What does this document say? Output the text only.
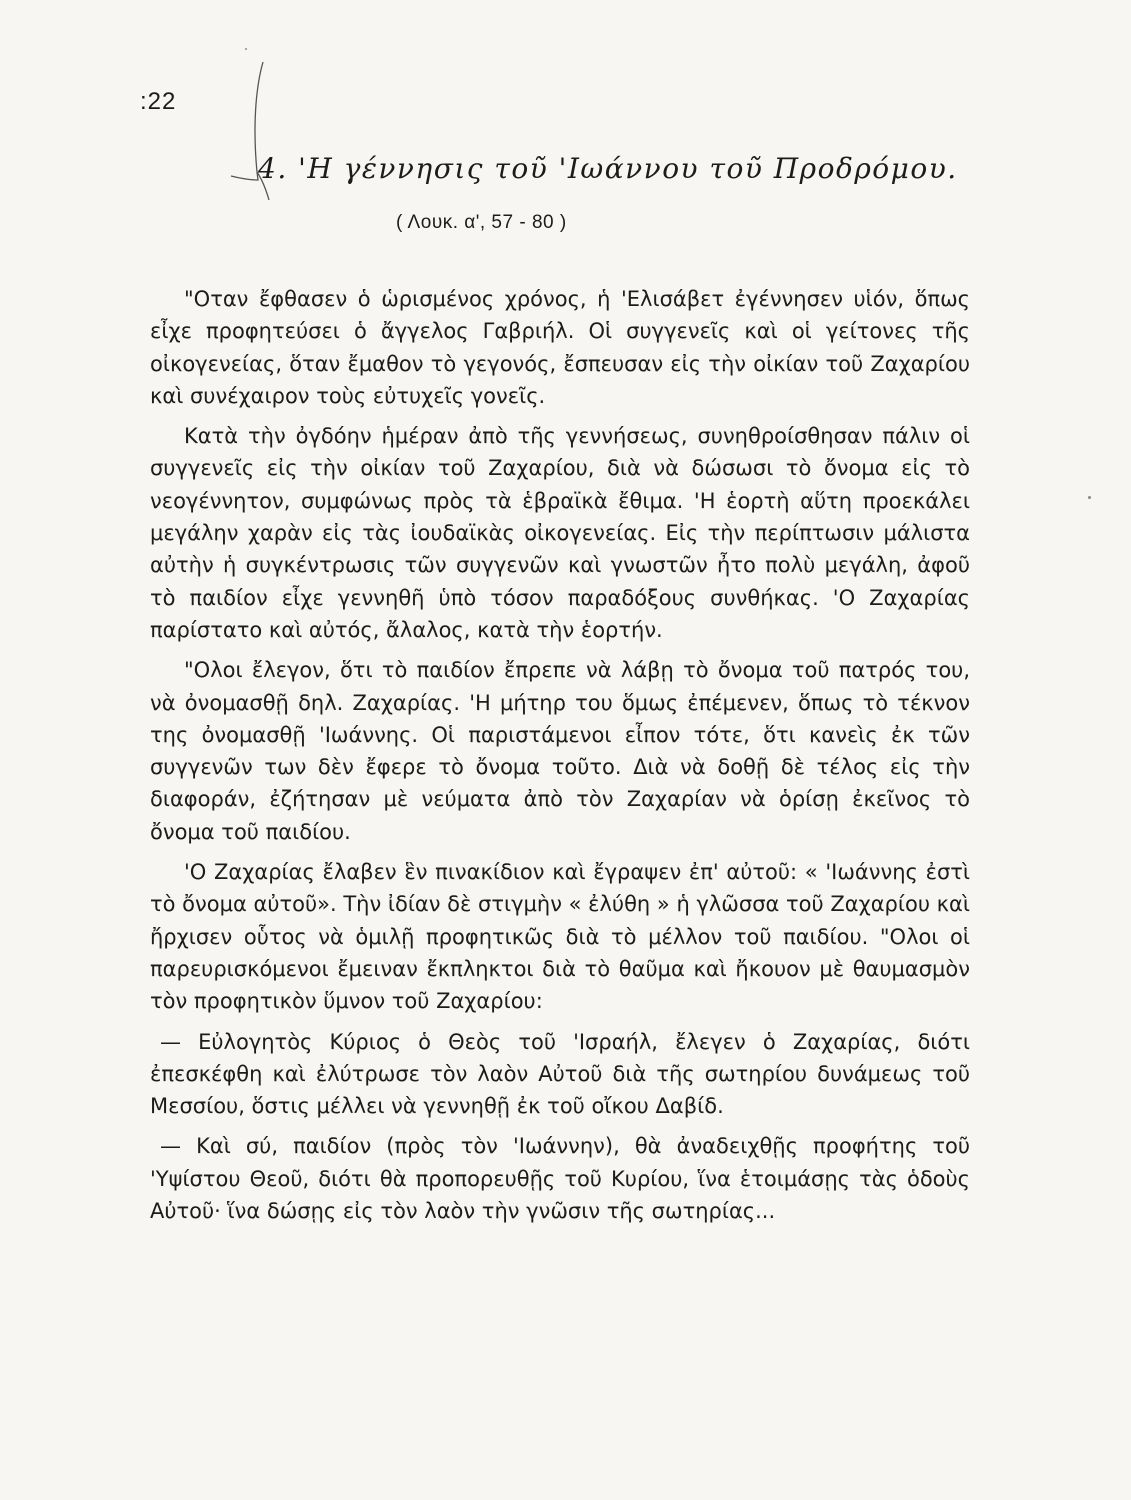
:22
4. 'Η γέννησις τοῦ 'Ιωάννου τοῦ Προδρόμου.
( Λουκ. α', 57 - 80 )

"Οταν ἔφθασεν ὁ ὡρισμένος χρόνος, ἡ 'Ελισάβετ ἐγέννησεν υἱόν, ὅπως εἶχε προφητεύσει ὁ ἄγγελος Γαβριήλ. Οἱ συγγενεῖς καὶ οἱ γείτονες τῆς οἰκογενείας, ὅταν ἔμαθον τὸ γεγονός, ἔσπευσαν εἰς τὴν οἰκίαν τοῦ Ζαχαρίου καὶ συνέχαιρον τοὺς εὐτυχεῖς γονεῖς.

Κατὰ τὴν ὀγδόην ἡμέραν ἀπὸ τῆς γεννήσεως, συνηθροίσθησαν πάλιν οἱ συγγενεῖς εἰς τὴν οἰκίαν τοῦ Ζαχαρίου, διὰ νὰ δώσωσι τὸ ὄνομα εἰς τὸ νεογέννητον, συμφώνως πρὸς τὰ ἑβραϊκὰ ἔθιμα. 'Η ἑορτὴ αὕτη προεκάλει μεγάλην χαρὰν εἰς τὰς ἰουδαϊκὰς οἰκογενείας. Εἰς τὴν περίπτωσιν μάλιστα αὐτὴν ἡ συγκέντρωσις τῶν συγγενῶν καὶ γνωστῶν ἦτο πολὺ μεγάλη, ἀφοῦ τὸ παιδίον εἶχε γεννηθῆ ὑπὸ τόσον παραδόξους συνθήκας. 'Ο Ζαχαρίας παρίστατο καὶ αὐτός, ἄλαλος, κατὰ τὴν ἑορτήν.

"Ολοι ἔλεγον, ὅτι τὸ παιδίον ἔπρεπε νὰ λάβῃ τὸ ὄνομα τοῦ πατρός του, νὰ ὀνομασθῇ δηλ. Ζαχαρίας. 'Η μήτηρ του ὅμως ἐπέμενεν, ὅπως τὸ τέκνον της ὀνομασθῇ 'Ιωάννης. Οἱ παριστάμενοι εἶπον τότε, ὅτι κανεὶς ἐκ τῶν συγγενῶν των δὲν ἔφερε τὸ ὄνομα τοῦτο. Διὰ νὰ δοθῇ δὲ τέλος εἰς τὴν διαφοράν, ἐζήτησαν μὲ νεύματα ἀπὸ τὸν Ζαχαρίαν νὰ ὁρίσῃ ἐκεῖνος τὸ ὄνομα τοῦ παιδίου.

'Ο Ζαχαρίας ἔλαβεν ἓν πινακίδιον καὶ ἔγραψεν ἐπ' αὐτοῦ: « 'Ιωάννης ἐστὶ τὸ ὄνομα αὐτοῦ». Τὴν ἰδίαν δὲ στιγμὴν « ἐλύθη » ἡ γλῶσσα τοῦ Ζαχαρίου καὶ ἤρχισεν οὗτος νὰ ὁμιλῇ προφητικῶς διὰ τὸ μέλλον τοῦ παιδίου. "Ολοι οἱ παρευρισκόμενοι ἔμειναν ἔκπληκτοι διὰ τὸ θαῦμα καὶ ἤκουον μὲ θαυμασμὸν τὸν προφητικὸν ὕμνον τοῦ Ζαχαρίου:

— Εὐλογητὸς Κύριος ὁ Θεὸς τοῦ 'Ισραήλ, ἔλεγεν ὁ Ζαχαρίας, διότι ἐπεσκέφθη καὶ ἐλύτρωσε τὸν λαὸν Αὐτοῦ διὰ τῆς σωτηρίου δυνάμεως τοῦ Μεσσίου, ὅστις μέλλει νὰ γεννηθῇ ἐκ τοῦ οἴκου Δαβίδ.

— Καὶ σύ, παιδίον (πρὸς τὸν 'Ιωάννην), θὰ ἀναδειχθῇς προφήτης τοῦ 'Υψίστου Θεοῦ, διότι θὰ προπορευθῇς τοῦ Κυρίου, ἵνα ἑτοιμάσῃς τὰς ὁδοὺς Αὐτοῦ· ἵνα δώσῃς εἰς τὸν λαὸν τὴν γνῶσιν τῆς σωτηρίας...
